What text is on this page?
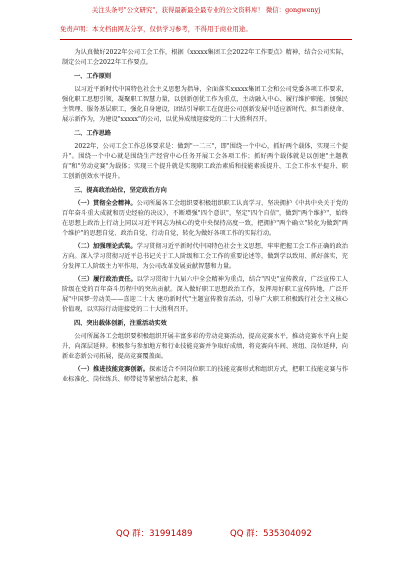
关注头条号"公文研究"，获得最新最全最专业的公文资料库！ 微信：gongwenyj
免责声明：本文档由网友分享，仅供学习参考，不得用于商业用途。

为认真做好2022年公司工会工作，根据《xxxxx集团工会2022年工作要点》精神，结合公司实际，制定公司工会2022年工作要点。

一、工作原则

以习近平新时代中国特色社会主义思想为指导，全面落实xxxxx集团工会和公司党委各项工作要求，强化职工思想引领，凝聚职工智慧力量，以创新创优工作为重点，主动融入中心、履行维护职能、加强民主管理、服务基层职工，强化自身建设，团结引导职工在促进公司创新发展中适应新时代、担当新使命、展示新作为，为建设"xxxxx"的公司，以优异成绩迎接党的二十大胜利召开。

二、工作思路

2022年，公司工会工作总体要求是：做到"一二三"，即"围绕一个中心，抓好两个载体，实现三个提升"。围绕一个中心就是围绕生产经营中心任务开展工会各项工作；抓好两个载体就是以创建"主题教育"和"劳动竞赛"为载体；实现三个提升就是实现职工政治素质和技能素质提升、工会工作水平提升、职工创新创效水平提升。

三、提高政治站位，坚定政治方向

（一）贯彻全会精神。公司所属各工会组织要积极组织职工认真学习、坚决拥护《中共中央关于党的百年奋斗重大成就和历史经验的决议》，不断增强"四个意识"，坚定"四个自信"，做到"两个维护"，始终在思想上政治上行动上同以习近平同志为核心的党中央保持高度一致，把拥护"两个确立"转化为做到"两个维护"的思想自觉、政治自觉、行动自觉，转化为做好各项工作的实际行动。

（二）加强理论武装。学习贯彻习近平新时代中国特色社会主义思想，牢牢把握工会工作正确的政治方向。深入学习贯彻习近平总书记关于工人阶级和工会工作的重要论述等，做到学以致用、抓好落实，充分发挥工人阶级主力军作用，为公司改革发展贡献智慧和力量。

（三）履行政治责任。以学习贯彻十九届六中全会精神为重点，结合"四史"宣传教育，广泛宣传工人阶级在党的百年奋斗历程中的突出贡献。深入做好职工思想政治工作，发挥用好职工宣传阵地，广泛开展"中国梦·劳动美——喜迎二十大 建功新时代"主题宣传教育活动，引导广大职工积极践行社会主义核心价值观，以实际行动迎接党的二十大胜利召开。

四、突出载体创新，注重活动实效

公司所属各工会组织要积极组织开展丰富多彩的劳动竞赛活动，提高竞赛水平，推动竞赛水平向上提升，向深层延伸。积极参与参加地方和行业技能竞赛并争取好成绩，将竞赛向车间、班组、岗位延伸，向新业态新公司拓展，提高竞赛覆盖面。

（一）推进技能竞赛创新。探索适合不同岗位职工的技能竞赛形式和组织方式，把职工技能竞赛与作业标准化、岗位练兵、师带徒等紧密结合起来，推

QQ 群：31991489	QQ 群：535304092
